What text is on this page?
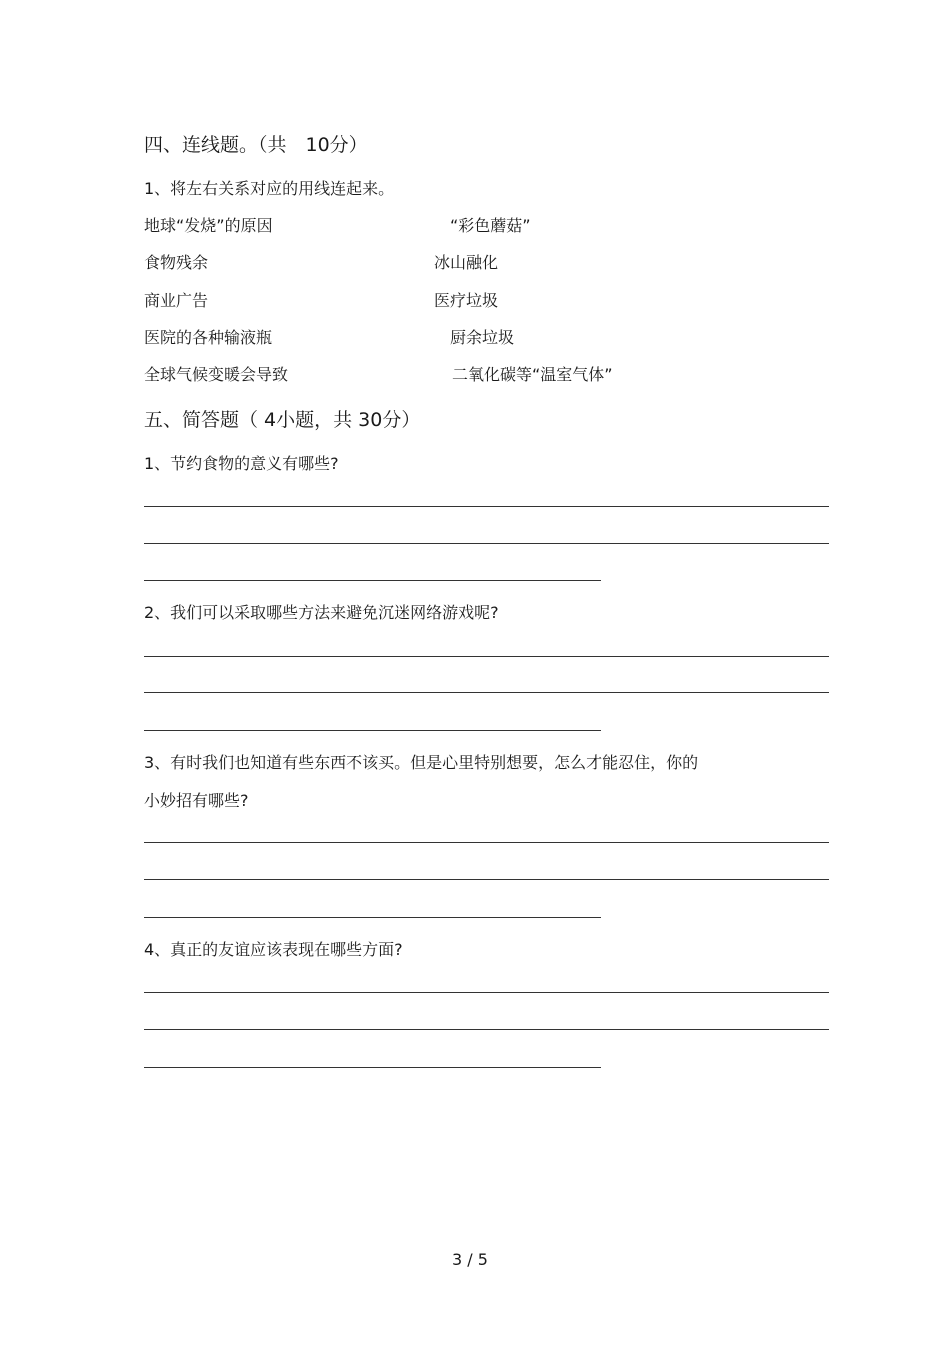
四、连线题。（共　10分）
1、将左右关系对应的用线连起来。
地球“发烧”的原因
食物残余
商业广告
医院的各种输液瓶
全球气候变暖会导致
“彩色蘑菇”
冰山融化
医疗垃圾
厨余垃圾
二氧化碳等“温室气体”
五、简答题（ 4小题，共 30分）
1、节约食物的意义有哪些?
2、我们可以采取哪些方法来避免沉迷网络游戏呢?
3、有时我们也知道有些东西不该买。但是心里特别想要，怎么才能忍住，你的
小妙招有哪些?
4、真正的友谊应该表现在哪些方面?
3 / 5
